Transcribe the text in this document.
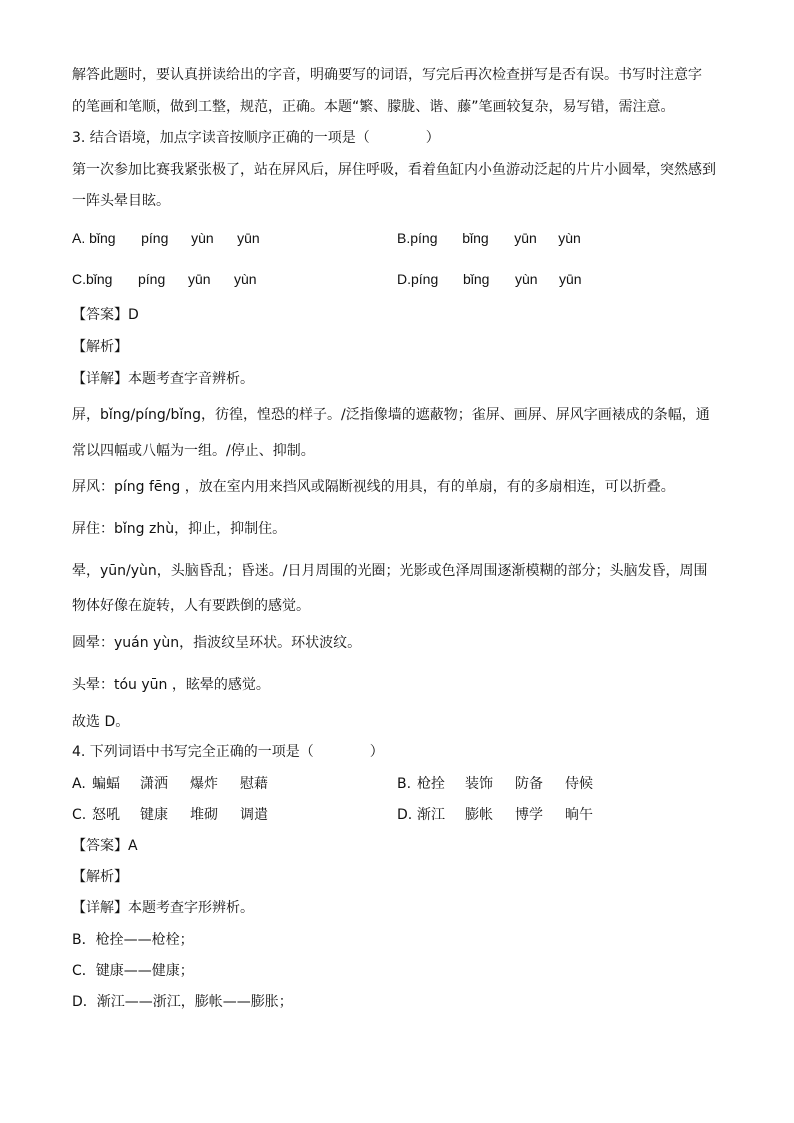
解答此题时，要认真拼读给出的字音，明确要写的词语，写完后再次检查拼写是否有误。书写时注意字
的笔画和笔顺，做到工整，规范，正确。本题“繁、朦胧、谐、藤”笔画较复杂，易写错，需注意。
3. 结合语境，加点字读音按顺序正确的一项是（　　　　）
第一次参加比赛我紧张极了，站在屏风后，屏住呼吸，看着鱼缸内小鱼游动泛起的片片小圆晕，突然感到
一阵头晕目眩。
A. bǐng píng yùn yūn	B.píng bǐng yūn yùn
C.bǐng píng yūn yùn	D.píng bǐng yùn yūn
【答案】D
【解析】
【详解】本题考查字音辨析。
屏，bǐng/píng/bǐng，彷徨，惶恐的样子。/泛指像墙的遮蔽物；雀屏、画屏、屏风字画裱成的条幅，通
常以四幅或八幅为一组。/停止、抑制。
屏风：píng fēng ，放在室内用来挡风或隔断视线的用具，有的单扇，有的多扇相连，可以折叠。
屏住：bǐng zhù，抑止，抑制住。
晕，yūn/yùn，头脑昏乱；昏迷。/日月周围的光圈；光影或色泽周围逐渐模糊的部分；头脑发昏，周围
物体好像在旋转，人有要跌倒的感觉。
圆晕：yuán yùn，指波纹呈环状。环状波纹。
头晕：tóu yūn ，眩晕的感觉。
故选 D。
4. 下列词语中书写完全正确的一项是（　　　　）
A. 蝙蝠 潇洒 爆炸 慰藉	B. 枪拴 装饰 防备 侍候
C. 怒吼 键康 堆砌 调遣	D. 渐江 膨帐 博学 晌午
【答案】A
【解析】
【详解】本题考查字形辨析。
B．枪拴——枪栓；
C．键康——健康；
D．渐江——浙江，膨帐——膨胀；
